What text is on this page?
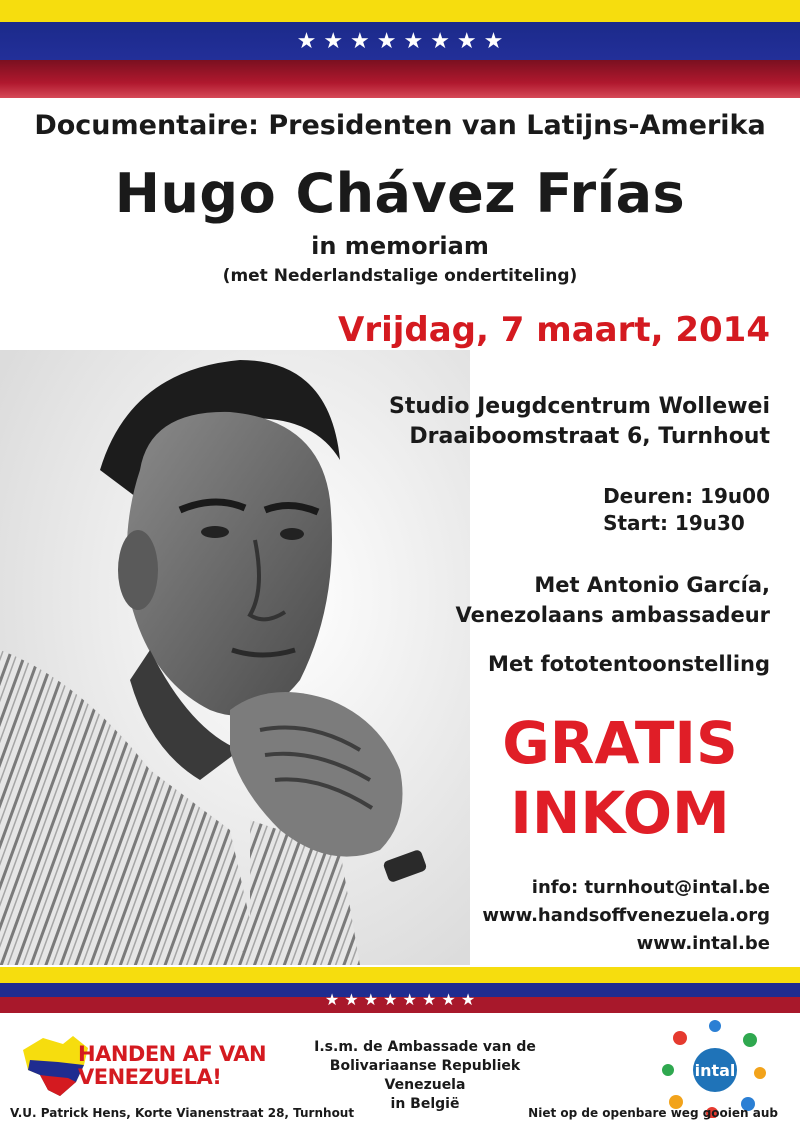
★ ★ ★ ★ ★ ★ ★ ★
Documentaire: Presidenten van Latijns-Amerika
Hugo Chávez Frías
in memoriam
(met Nederlandstalige ondertiteling)
Vrijdag, 7 maart, 2014
Studio Jeugdcentrum Wollewei
Draaiboomstraat 6, Turnhout
Deuren: 19u00
Start: 19u30
Met Antonio García,
Venezolaans ambassadeur
Met fototentoonstelling
GRATIS
INKOM
info: turnhout@intal.be
www.handsoffvenezuela.org
www.intal.be
★ ★ ★ ★ ★ ★ ★ ★
HANDEN AF VAN
VENEZUELA!
I.s.m. de Ambassade van de
Bolivariaanse Republiek Venezuela
in België
intal
V.U. Patrick Hens, Korte Vianenstraat 28, Turnhout	Niet op de openbare weg gooien aub
